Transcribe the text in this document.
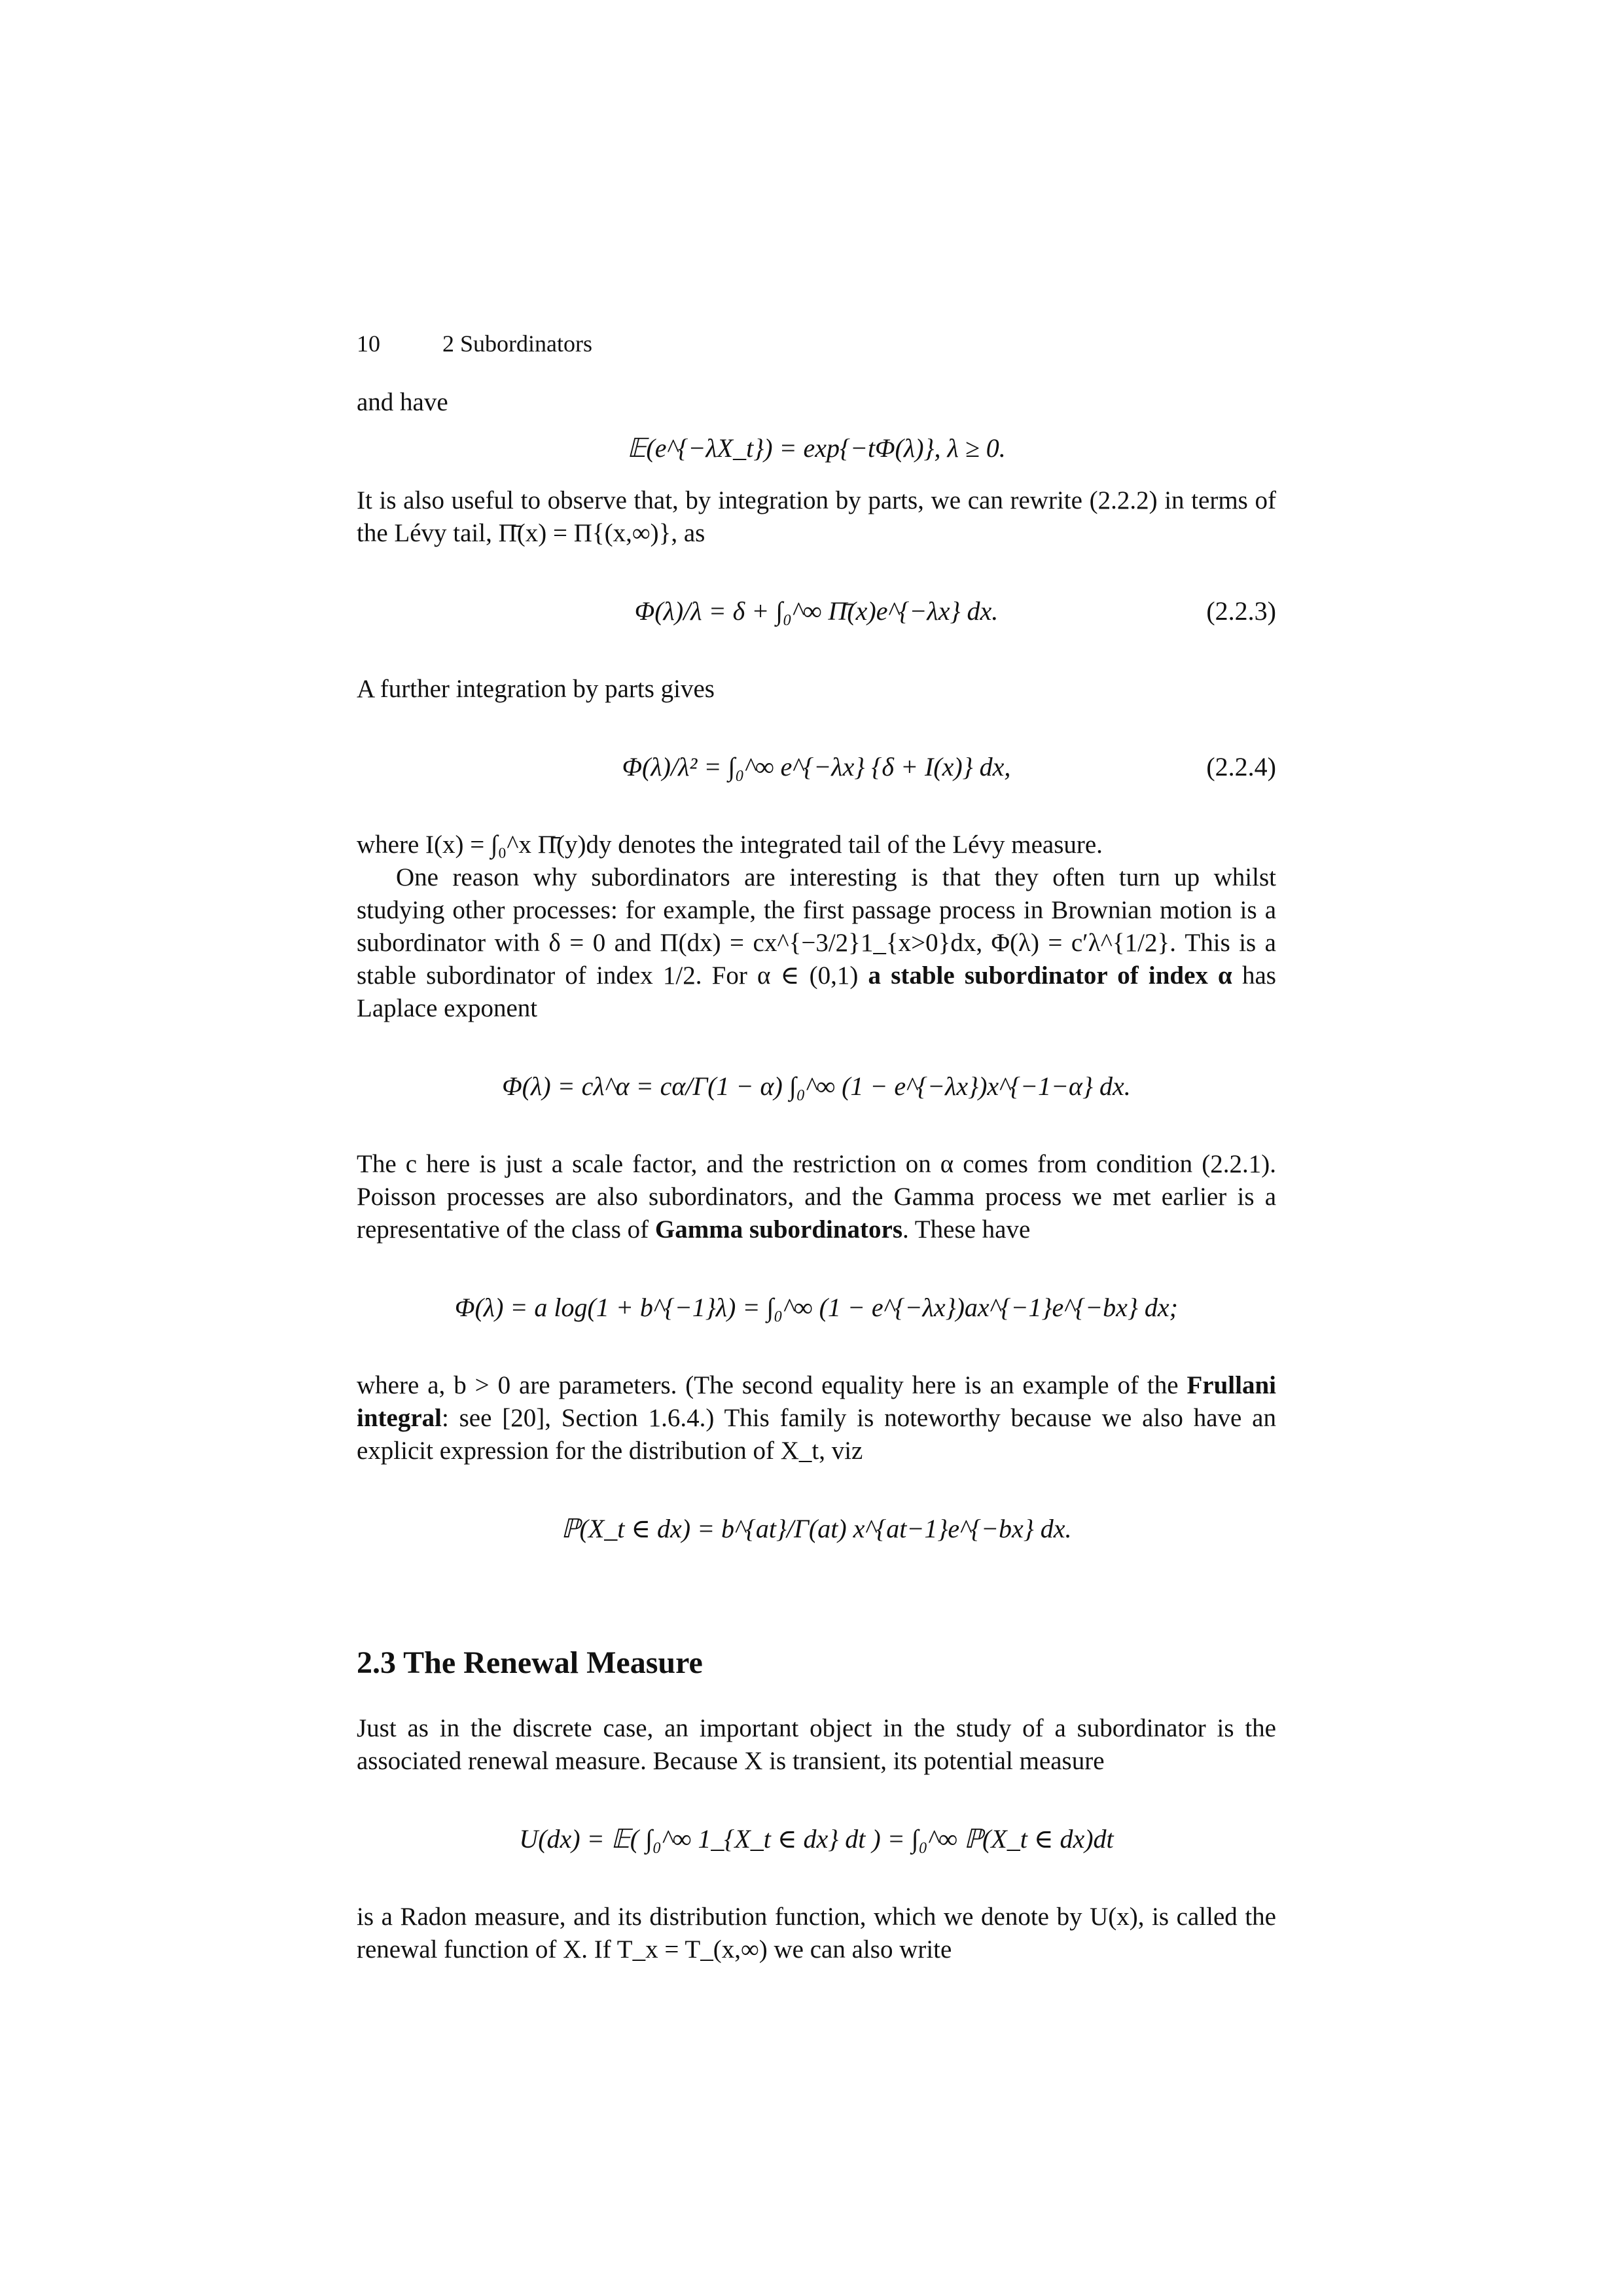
10	2 Subordinators

and have

𝔼(e^{−λX_t}) = exp{−tΦ(λ)}, λ ≥ 0.

It is also useful to observe that, by integration by parts, we can rewrite (2.2.2) in terms of the Lévy tail, Π̄(x) = Π{(x,∞)}, as

Φ(λ)/λ = δ + ∫₀^∞ Π̄(x)e^{−λx} dx.	(2.2.3)

A further integration by parts gives

Φ(λ)/λ² = ∫₀^∞ e^{−λx} {δ + I(x)} dx,	(2.2.4)

where I(x) = ∫₀^x Π̄(y)dy denotes the integrated tail of the Lévy measure.

One reason why subordinators are interesting is that they often turn up whilst studying other processes: for example, the first passage process in Brownian motion is a subordinator with δ = 0 and Π(dx) = cx^{−3/2}1_{x>0}dx, Φ(λ) = c′λ^{1/2}. This is a stable subordinator of index 1/2. For α ∈ (0,1) a stable subordinator of index α has Laplace exponent

Φ(λ) = cλ^α = cα/Γ(1 − α) ∫₀^∞ (1 − e^{−λx})x^{−1−α} dx.

The c here is just a scale factor, and the restriction on α comes from condition (2.2.1). Poisson processes are also subordinators, and the Gamma process we met earlier is a representative of the class of Gamma subordinators. These have

Φ(λ) = a log(1 + b^{−1}λ) = ∫₀^∞ (1 − e^{−λx})ax^{−1}e^{−bx} dx;

where a, b > 0 are parameters. (The second equality here is an example of the Frullani integral: see [20], Section 1.6.4.) This family is noteworthy because we also have an explicit expression for the distribution of X_t, viz

ℙ(X_t ∈ dx) = b^{at}/Γ(at) x^{at−1}e^{−bx} dx.
2.3 The Renewal Measure

Just as in the discrete case, an important object in the study of a subordinator is the associated renewal measure. Because X is transient, its potential measure

U(dx) = 𝔼( ∫₀^∞ 1_{X_t ∈ dx} dt ) = ∫₀^∞ ℙ(X_t ∈ dx)dt

is a Radon measure, and its distribution function, which we denote by U(x), is called the renewal function of X. If T_x = T_(x,∞) we can also write
